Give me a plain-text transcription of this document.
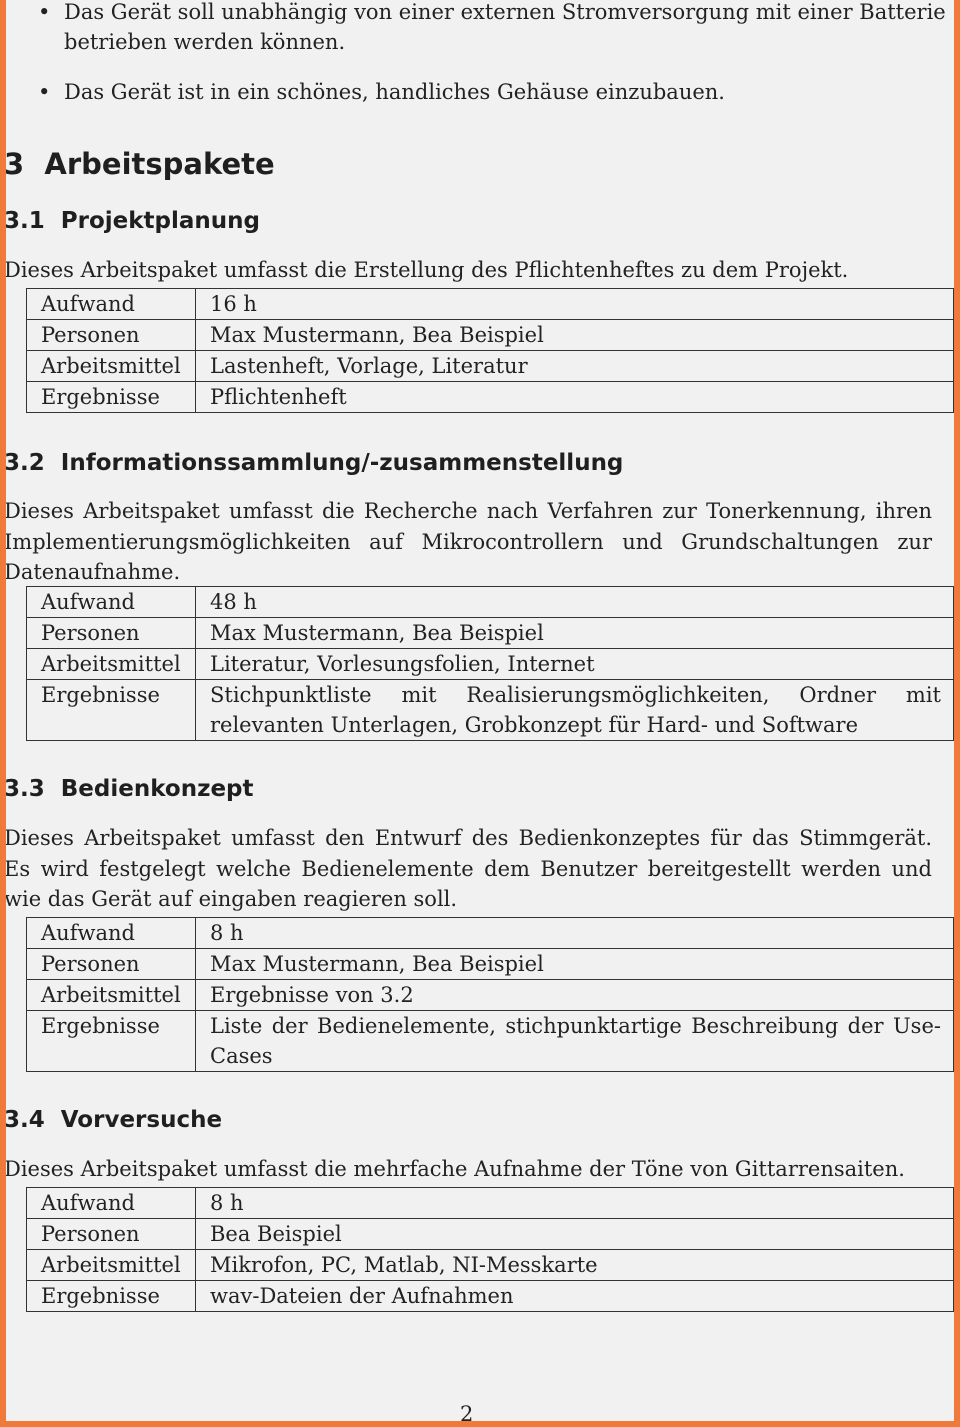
• Das Gerät soll unabhängig von einer externen Stromversorgung mit einer Batterie
betrieben werden können.
• Das Gerät ist in ein schönes, handliches Gehäuse einzubauen.
3 Arbeitspakete
3.1 Projektplanung

Dieses Arbeitspaket umfasst die Erstellung des Pflichtenheftes zu dem Projekt.

Aufwand	16 h
Personen	Max Mustermann, Bea Beispiel
Arbeitsmittel	Lastenheft, Vorlage, Literatur
Ergebnisse	Pflichtenheft
3.2 Informationssammlung/-zusammenstellung

Dieses Arbeitspaket umfasst die Recherche nach Verfahren zur Tonerkennung, ihren Implementierungsmöglichkeiten auf Mikrocontrollern und Grundschaltungen zur Datenaufnahme.

Aufwand	48 h
Personen	Max Mustermann, Bea Beispiel
Arbeitsmittel	Literatur, Vorlesungsfolien, Internet
Ergebnisse	Stichpunktliste mit Realisierungsmöglichkeiten, Ordner mit relevanten Unterlagen, Grobkonzept für Hard- und Software
3.3 Bedienkonzept

Dieses Arbeitspaket umfasst den Entwurf des Bedienkonzeptes für das Stimmgerät. Es wird festgelegt welche Bedienelemente dem Benutzer bereitgestellt werden und wie das Gerät auf eingaben reagieren soll.

Aufwand	8 h
Personen	Max Mustermann, Bea Beispiel
Arbeitsmittel	Ergebnisse von 3.2
Ergebnisse	Liste der Bedienelemente, stichpunktartige Beschreibung der Use-Cases
3.4 Vorversuche

Dieses Arbeitspaket umfasst die mehrfache Aufnahme der Töne von Gittarrensaiten.

Aufwand	8 h
Personen	Bea Beispiel
Arbeitsmittel	Mikrofon, PC, Matlab, NI-Messkarte
Ergebnisse	wav-Dateien der Aufnahmen
2
